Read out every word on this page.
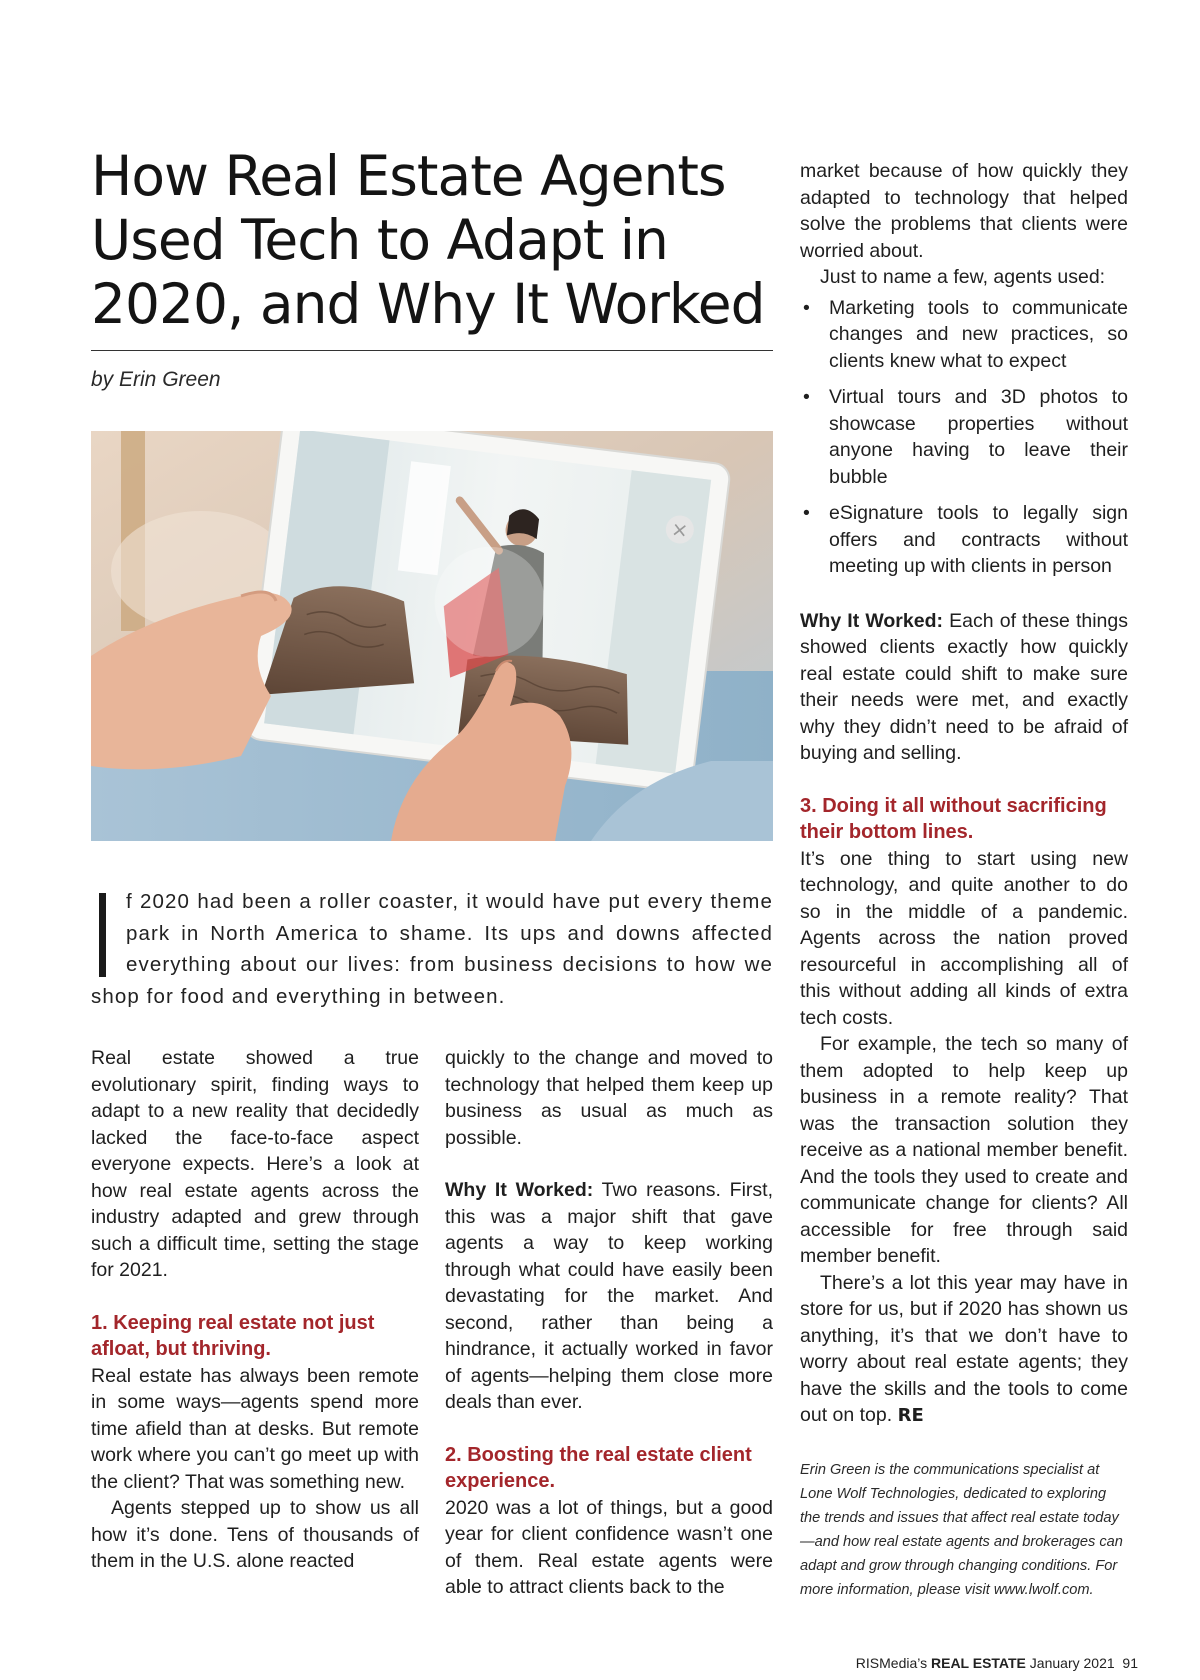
How Real Estate Agents
Used Tech to Adapt in
2020, and Why It Worked
by Erin Green
×

f 2020 had been a roller coaster, it would have put every theme park in North America to shame. Its ups and downs affected everything about our lives: from business decisions to how we shop for food and everything in between.

Real estate showed a true evolutionary spirit, finding ways to adapt to a new reality that decidedly lacked the face-to-face aspect everyone expects. Here’s a look at how real estate agents across the industry adapted and grew through such a difficult time, setting the stage for 2021.

1. Keeping real estate not just afloat, but thriving.

Real estate has always been remote in some ways—agents spend more time afield than at desks. But remote work where you can’t go meet up with the client? That was something new.

Agents stepped up to show us all how it’s done. Tens of thousands of them in the U.S. alone reacted

quickly to the change and moved to technology that helped them keep up business as usual as much as possible.

Why It Worked: Two reasons. First, this was a major shift that gave agents a way to keep working through what could have easily been devastating for the market. And second, rather than being a hindrance, it actually worked in favor of agents—helping them close more deals than ever.

2. Boosting the real estate client experience.

2020 was a lot of things, but a good year for client confidence wasn’t one of them. Real estate agents were able to attract clients back to the

market because of how quickly they adapted to technology that helped solve the problems that clients were worried about.

Just to name a few, agents used:

• Marketing tools to communicate changes and new practices, so clients knew what to expect
• Virtual tours and 3D photos to showcase properties without anyone having to leave their bubble
• eSignature tools to legally sign offers and contracts without meeting up with clients in person

Why It Worked: Each of these things showed clients exactly how quickly real estate could shift to make sure their needs were met, and exactly why they didn’t need to be afraid of buying and selling.

3. Doing it all without sacrificing their bottom lines.

It’s one thing to start using new technology, and quite another to do so in the middle of a pandemic. Agents across the nation proved resourceful in accomplishing all of this without adding all kinds of extra tech costs.

For example, the tech so many of them adopted to help keep up business in a remote reality? That was the transaction solution they receive as a national member benefit. And the tools they used to create and communicate change for clients? All accessible for free through said member benefit.

There’s a lot this year may have in store for us, but if 2020 has shown us anything, it’s that we don’t have to worry about real estate agents; they have the skills and the tools to come out on top. RE

Erin Green is the communications specialist at Lone Wolf Technologies, dedicated to exploring the trends and issues that affect real estate today—and how real estate agents and brokerages can adapt and grow through changing conditions. For more information, please visit www.lwolf.com.
RISMedia’s REAL ESTATE January 2021 91
